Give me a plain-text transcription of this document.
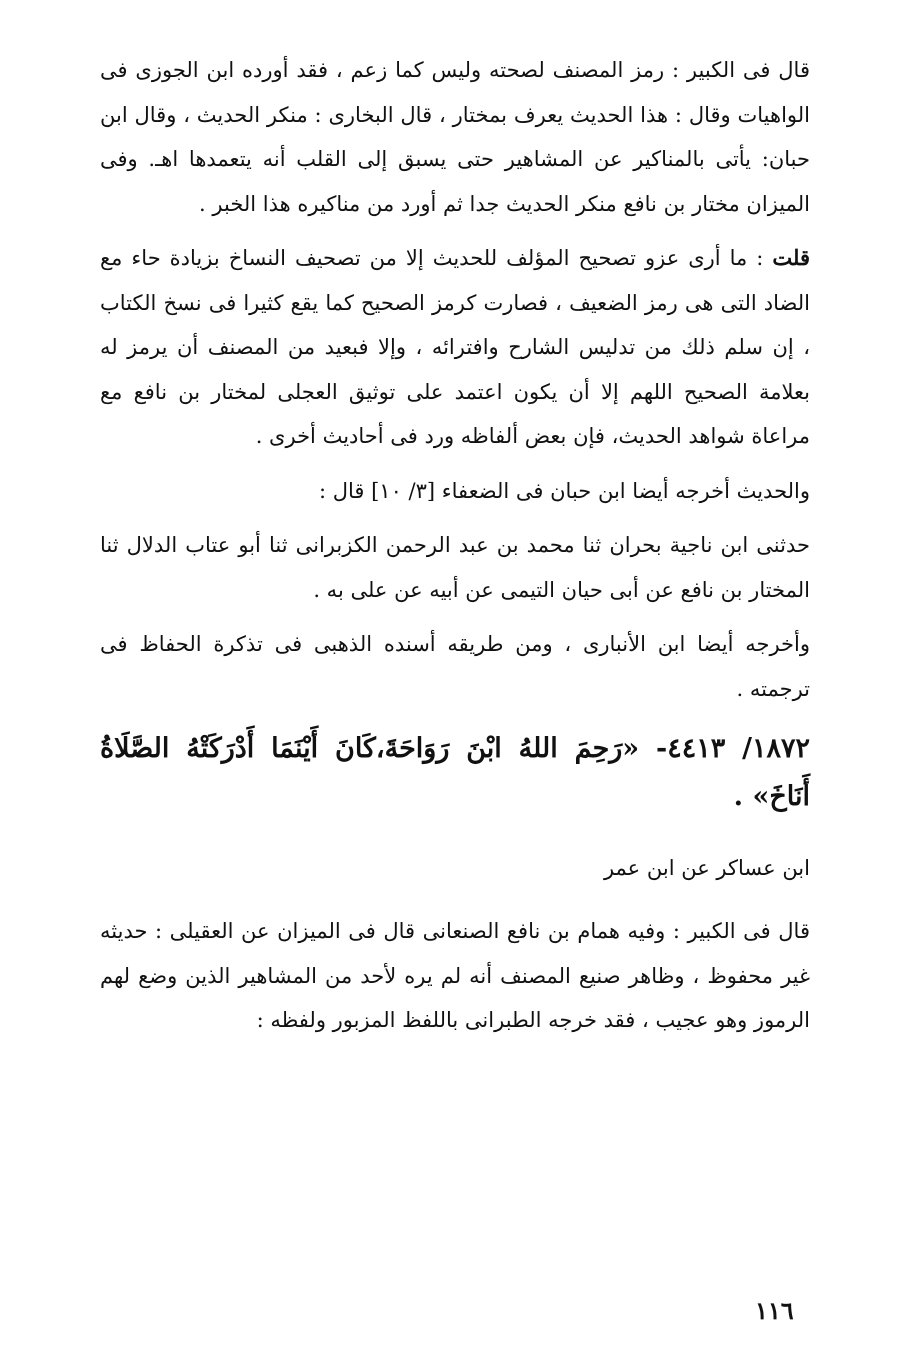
قال فى الكبير : رمز المصنف لصحته وليس كما زعم ، فقد أورده ابن الجوزى فى الواهيات وقال : هذا الحديث يعرف بمختار ، قال البخارى : منكر الحديث ، وقال ابن حبان: يأتى بالمناكير عن المشاهير حتى يسبق إلى القلب أنه يتعمدها اهـ. وفى الميزان مختار بن نافع منكر الحديث جدا ثم أورد من مناكيره هذا الخبر .

قلت : ما أرى عزو تصحيح المؤلف للحديث إلا من تصحيف النساخ بزيادة حاء مع الضاد التى هى رمز الضعيف ، فصارت كرمز الصحيح كما يقع كثيرا فى نسخ الكتاب ، إن سلم ذلك من تدليس الشارح وافترائه ، وإلا فبعيد من المصنف أن يرمز له بعلامة الصحيح اللهم إلا أن يكون اعتمد على توثيق العجلى لمختار بن نافع مع مراعاة شواهد الحديث، فإن بعض ألفاظه ورد فى أحاديث أخرى .

والحديث أخرجه أيضا ابن حبان فى الضعفاء [٣/ ١٠] قال :

حدثنى ابن ناجية بحران ثنا محمد بن عبد الرحمن الكزبرانى ثنا أبو عتاب الدلال ثنا المختار بن نافع عن أبى حيان التيمى عن أبيه عن على به .

وأخرجه أيضا ابن الأنبارى ، ومن طريقه أسنده الذهبى فى تذكرة الحفاظ فى ترجمته .

١٨٧٢/ ٤٤١٣- «رَحِمَ اللهُ ابْنَ رَوَاحَةَ،كَانَ أَيْنَمَا أَدْرَكَتْهُ الصَّلَاةُ أَنَاخَ» .

ابن عساكر عن ابن عمر

قال فى الكبير : وفيه همام بن نافع الصنعانى قال فى الميزان عن العقيلى : حديثه غير محفوظ ، وظاهر صنيع المصنف أنه لم يره لأحد من المشاهير الذين وضع لهم الرموز وهو عجيب ، فقد خرجه الطبرانى باللفظ المزبور ولفظه :

١١٦
